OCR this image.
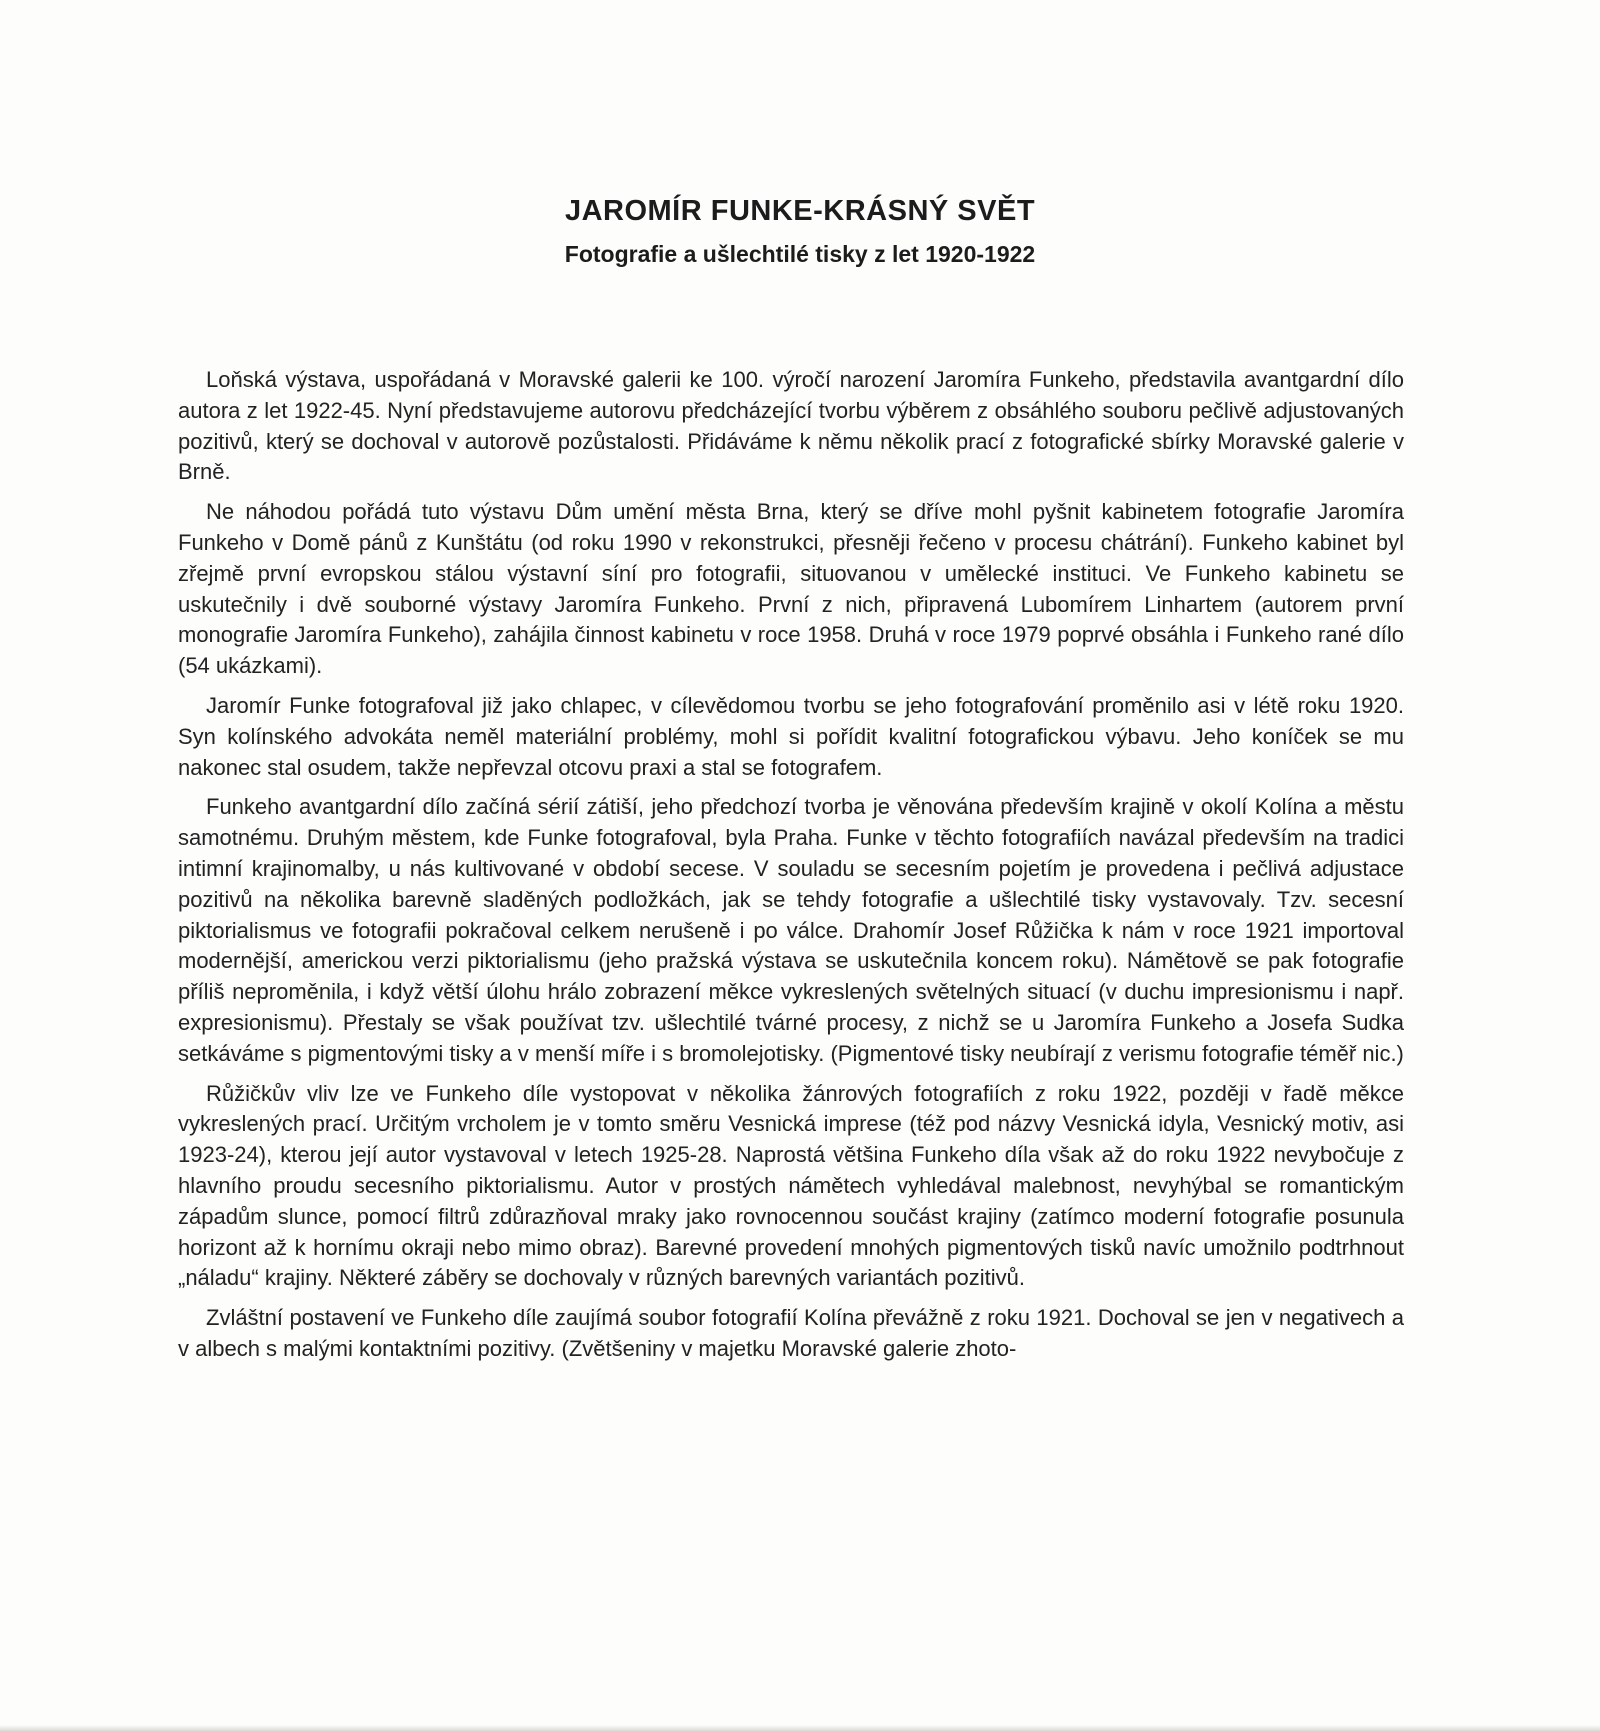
JAROMÍR FUNKE-KRÁSNÝ SVĚT
Fotografie a ušlechtilé tisky z let 1920-1922

Loňská výstava, uspořádaná v Moravské galerii ke 100. výročí narození Jaromíra Funkeho, představila avantgardní dílo autora z let 1922-45. Nyní představujeme autorovu předcházející tvorbu výběrem z obsáhlého souboru pečlivě adjustovaných pozitivů, který se dochoval v autorově pozůstalosti. Přidáváme k němu několik prací z fotografické sbírky Moravské galerie v Brně.

Ne náhodou pořádá tuto výstavu Dům umění města Brna, který se dříve mohl pyšnit kabinetem fotografie Jaromíra Funkeho v Domě pánů z Kunštátu (od roku 1990 v rekonstrukci, přesněji řečeno v procesu chátrání). Funkeho kabinet byl zřejmě první evropskou stálou výstavní síní pro fotografii, situovanou v umělecké instituci. Ve Funkeho kabinetu se uskutečnily i dvě souborné výstavy Jaromíra Funkeho. První z nich, připravená Lubomírem Linhartem (autorem první monografie Jaromíra Funkeho), zahájila činnost kabinetu v roce 1958. Druhá v roce 1979 poprvé obsáhla i Funkeho rané dílo (54 ukázkami).

Jaromír Funke fotografoval již jako chlapec, v cílevědomou tvorbu se jeho fotografování proměnilo asi v létě roku 1920. Syn kolínského advokáta neměl materiální problémy, mohl si pořídit kvalitní fotografickou výbavu. Jeho koníček se mu nakonec stal osudem, takže nepřevzal otcovu praxi a stal se fotografem.

Funkeho avantgardní dílo začíná sérií zátiší, jeho předchozí tvorba je věnována především krajině v okolí Kolína a městu samotnému. Druhým městem, kde Funke fotografoval, byla Praha. Funke v těchto fotografiích navázal především na tradici intimní krajinomalby, u nás kultivované v období secese. V souladu se secesním pojetím je provedena i pečlivá adjustace pozitivů na několika barevně sladěných podložkách, jak se tehdy fotografie a ušlechtilé tisky vystavovaly. Tzv. secesní piktorialismus ve fotografii pokračoval celkem nerušeně i po válce. Drahomír Josef Růžička k nám v roce 1921 importoval modernější, americkou verzi piktorialismu (jeho pražská výstava se uskutečnila koncem roku). Námětově se pak fotografie příliš neproměnila, i když větší úlohu hrálo zobrazení měkce vykreslených světelných situací (v duchu impresionismu i např. expresionismu). Přestaly se však používat tzv. ušlechtilé tvárné procesy, z nichž se u Jaromíra Funkeho a Josefa Sudka setkáváme s pigmentovými tisky a v menší míře i s bromolejotisky. (Pigmentové tisky neubírají z verismu fotografie téměř nic.)

Růžičkův vliv lze ve Funkeho díle vystopovat v několika žánrových fotografiích z roku 1922, později v řadě měkce vykreslených prací. Určitým vrcholem je v tomto směru Vesnická imprese (též pod názvy Vesnická idyla, Vesnický motiv, asi 1923-24), kterou její autor vystavoval v letech 1925-28. Naprostá většina Funkeho díla však až do roku 1922 nevybočuje z hlavního proudu secesního piktorialismu. Autor v prostých námětech vyhledával malebnost, nevyhýbal se romantickým západům slunce, pomocí filtrů zdůrazňoval mraky jako rovnocennou součást krajiny (zatímco moderní fotografie posunula horizont až k hornímu okraji nebo mimo obraz). Barevné provedení mnohých pigmentových tisků navíc umožnilo podtrhnout „náladu“ krajiny. Některé záběry se dochovaly v různých barevných variantách pozitivů.

Zvláštní postavení ve Funkeho díle zaujímá soubor fotografií Kolína převážně z roku 1921. Dochoval se jen v negativech a v albech s malými kontaktními pozitivy. (Zvětšeniny v majetku Moravské galerie zhoto-
